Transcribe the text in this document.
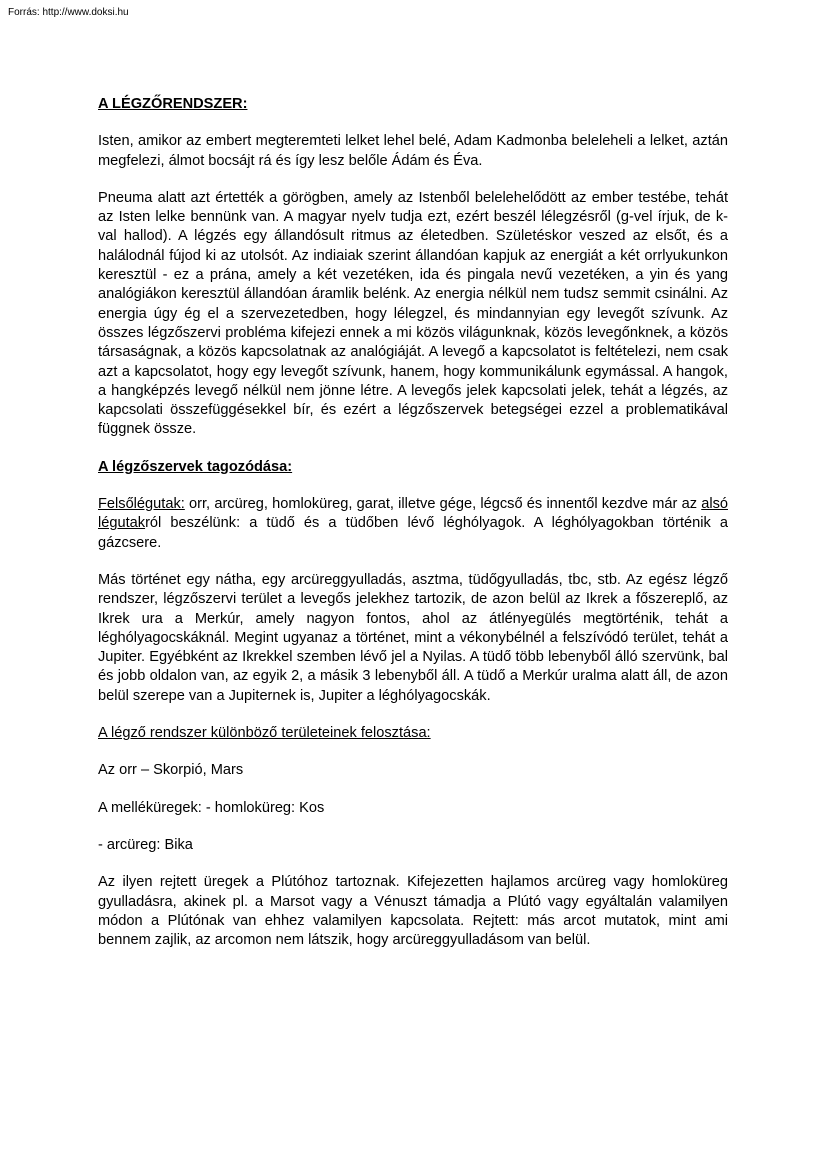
Forrás: http://www.doksi.hu

A LÉGZŐRENDSZER:

Isten, amikor az embert megteremteti lelket lehel belé, Adam Kadmonba beleleheli a lelket, aztán megfelezi, álmot bocsájt rá és így lesz belőle Ádám és Éva.

Pneuma alatt azt értették a görögben, amely az Istenből belelehelődött az ember testébe, tehát az Isten lelke bennünk van. A magyar nyelv tudja ezt, ezért beszél lélegzésről (g-vel írjuk, de k-val hallod). A légzés egy állandósult ritmus az életedben. Születéskor veszed az elsőt, és a halálodnál fújod ki az utolsót. Az indiaiak szerint állandóan kapjuk az energiát a két orrlyukunkon keresztül - ez a prána, amely a két vezetéken, ida és pingala nevű vezetéken, a yin és yang analógiákon keresztül állandóan áramlik belénk. Az energia nélkül nem tudsz semmit csinálni. Az energia úgy ég el a szervezetedben, hogy lélegzel, és mindannyian egy levegőt szívunk. Az összes légzőszervi probléma kifejezi ennek a mi közös világunknak, közös levegőnknek, a közös társaságnak, a közös kapcsolatnak az analógiáját. A levegő a kapcsolatot is feltételezi, nem csak azt a kapcsolatot, hogy egy levegőt szívunk, hanem, hogy kommunikálunk egymással. A hangok, a hangképzés levegő nélkül nem jönne létre. A levegős jelek kapcsolati jelek, tehát a légzés, az kapcsolati összefüggésekkel bír, és ezért a légzőszervek betegségei ezzel a problematikával függnek össze.

A légzőszervek tagozódása:

Felsőlégutak: orr, arcüreg, homloküreg, garat, illetve gége, légcső és innentől kezdve már az alsó légutakról beszélünk: a tüdő és a tüdőben lévő léghólyagok. A léghólyagokban történik a gázcsere.

Más történet egy nátha, egy arcüreggyulladás, asztma, tüdőgyulladás, tbc, stb. Az egész légző rendszer, légzőszervi terület a levegős jelekhez tartozik, de azon belül az Ikrek a főszereplő, az Ikrek ura a Merkúr, amely nagyon fontos, ahol az átlényegülés megtörténik, tehát a léghólyagocskáknál. Megint ugyanaz a történet, mint a vékonybélnél a felszívódó terület, tehát a Jupiter. Egyébként az Ikrekkel szemben lévő jel a Nyilas. A tüdő több lebenyből álló szervünk, bal és jobb oldalon van, az egyik 2, a másik 3 lebenyből áll. A tüdő a Merkúr uralma alatt áll, de azon belül szerepe van a Jupiternek is, Jupiter a léghólyagocskák.

A légző rendszer különböző területeinek felosztása:

Az orr – Skorpió, Mars

A melléküregek: - homloküreg: Kos

- arcüreg: Bika

Az ilyen rejtett üregek a Plútóhoz tartoznak. Kifejezetten hajlamos arcüreg vagy homloküreg gyulladásra, akinek pl. a Marsot vagy a Vénuszt támadja a Plútó vagy egyáltalán valamilyen módon a Plútónak van ehhez valamilyen kapcsolata. Rejtett: más arcot mutatok, mint ami bennem zajlik, az arcomon nem látszik, hogy arcüreggyulladásom van belül.
